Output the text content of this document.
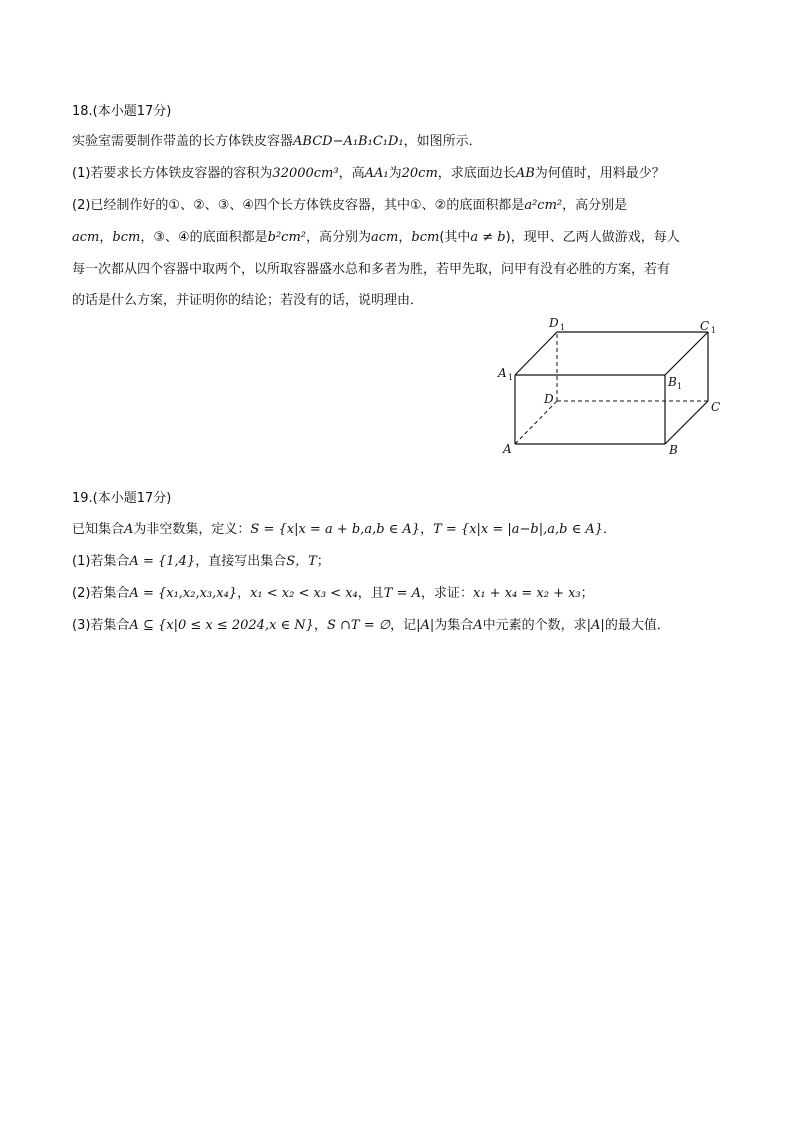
18.(本小题17分)
实验室需要制作带盖的长方体铁皮容器ABCD−A₁B₁C₁D₁，如图所示．
(1)若要求长方体铁皮容器的容积为32000cm³，高AA₁为20cm，求底面边长AB为何值时，用料最少？
(2)已经制作好的①、②、③、④四个长方体铁皮容器，其中①、②的底面积都是a²cm²，高分别是
acm，bcm，③、④的底面积都是b²cm²，高分别为acm，bcm(其中a ≠ b)，现甲、乙两人做游戏，每人
每一次都从四个容器中取两个，以所取容器盛水总和多者为胜，若甲先取，问甲有没有必胜的方案，若有
的话是什么方案，并证明你的结论；若没有的话，说明理由．
A	B
C
D
A 1	B 1
C 1
D 1
19.(本小题17分)
已知集合A为非空数集，定义：S = {x|x = a + b,a,b ∈ A}，T = {x|x = |a−b|,a,b ∈ A}．
(1)若集合A = {1,4}，直接写出集合S，T；
(2)若集合A = {x₁,x₂,x₃,x₄}，x₁ < x₂ < x₃ < x₄，且T = A，求证：x₁ + x₄ = x₂ + x₃；
(3)若集合A ⊆ {x|0 ≤ x ≤ 2024,x ∈ N}，S ∩T = ∅，记|A|为集合A中元素的个数，求|A|的最大值．
